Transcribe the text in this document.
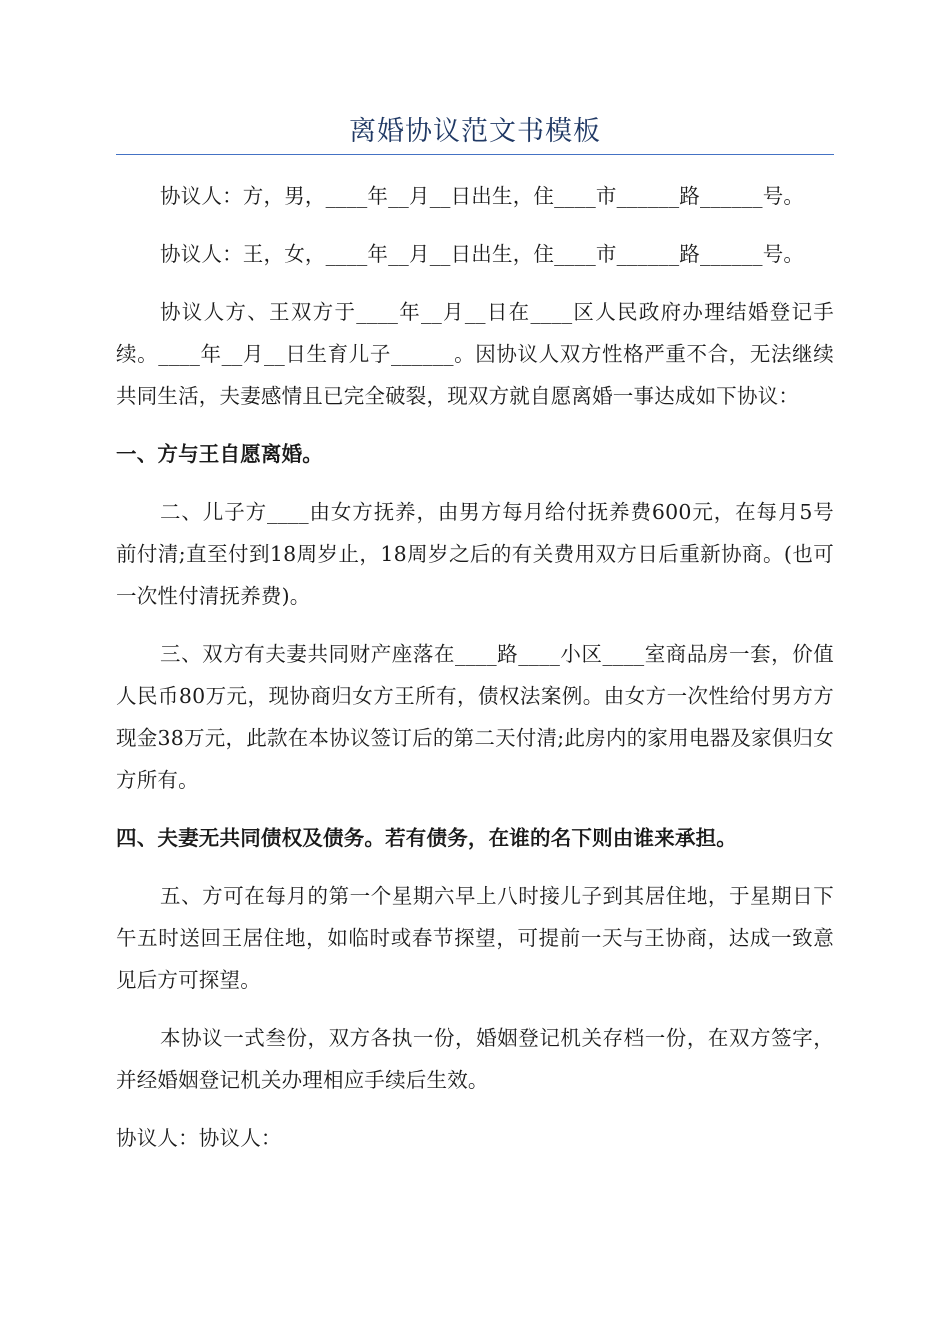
离婚协议范文书模板

协议人：方，男，____年__月__日出生，住____市______路______号。

协议人：王，女，____年__月__日出生，住____市______路______号。

协议人方、王双方于____年__月__日在____区人民政府办理结婚登记手续。____年__月__日生育儿子______。因协议人双方性格严重不合，无法继续共同生活，夫妻感情且已完全破裂，现双方就自愿离婚一事达成如下协议：

一、方与王自愿离婚。

二、儿子方____由女方抚养，由男方每月给付抚养费600元，在每月5号前付清;直至付到18周岁止，18周岁之后的有关费用双方日后重新协商。(也可一次性付清抚养费)。

三、双方有夫妻共同财产座落在____路____小区____室商品房一套，价值人民币80万元，现协商归女方王所有，债权法案例。由女方一次性给付男方方现金38万元，此款在本协议签订后的第二天付清;此房内的家用电器及家俱归女方所有。

四、夫妻无共同债权及债务。若有债务，在谁的名下则由谁来承担。

五、方可在每月的第一个星期六早上八时接儿子到其居住地，于星期日下午五时送回王居住地，如临时或春节探望，可提前一天与王协商，达成一致意见后方可探望。

本协议一式叁份，双方各执一份，婚姻登记机关存档一份，在双方签字，并经婚姻登记机关办理相应手续后生效。

协议人：协议人：
